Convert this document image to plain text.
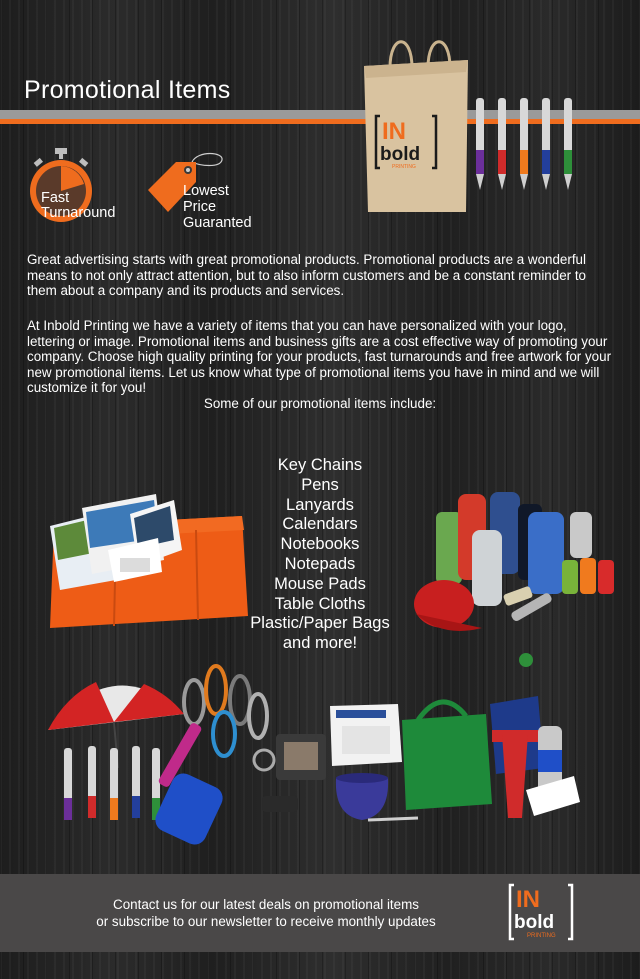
Promotional Items
IN
bold
PRINTING
Fast
Turnaround
Lowest
Price
Guaranted
Great advertising starts with great promotional products. Promotional products are a wonderful means to not only attract attention, but to also inform customers and be a constant reminder to them about a company and its products and services.
At Inbold Printing we have a variety of items that you can have personalized with your logo, lettering or image. Promotional items and business gifts are a cost effective way of promoting your company. Choose high quality printing for your products, fast turnarounds and free artwork for your new promotional items. Let us know what type of promotional items you have in mind and we will customize it for you!
Some of our promotional items include:
Key Chains
Pens
Lanyards
Calendars
Notebooks
Notepads
Mouse Pads
Table Cloths
Plastic/Paper Bags
and more!
Contact us for our latest deals on promotional items
or subscribe to our newsletter to receive monthly updates
IN
bold
PRINTING
